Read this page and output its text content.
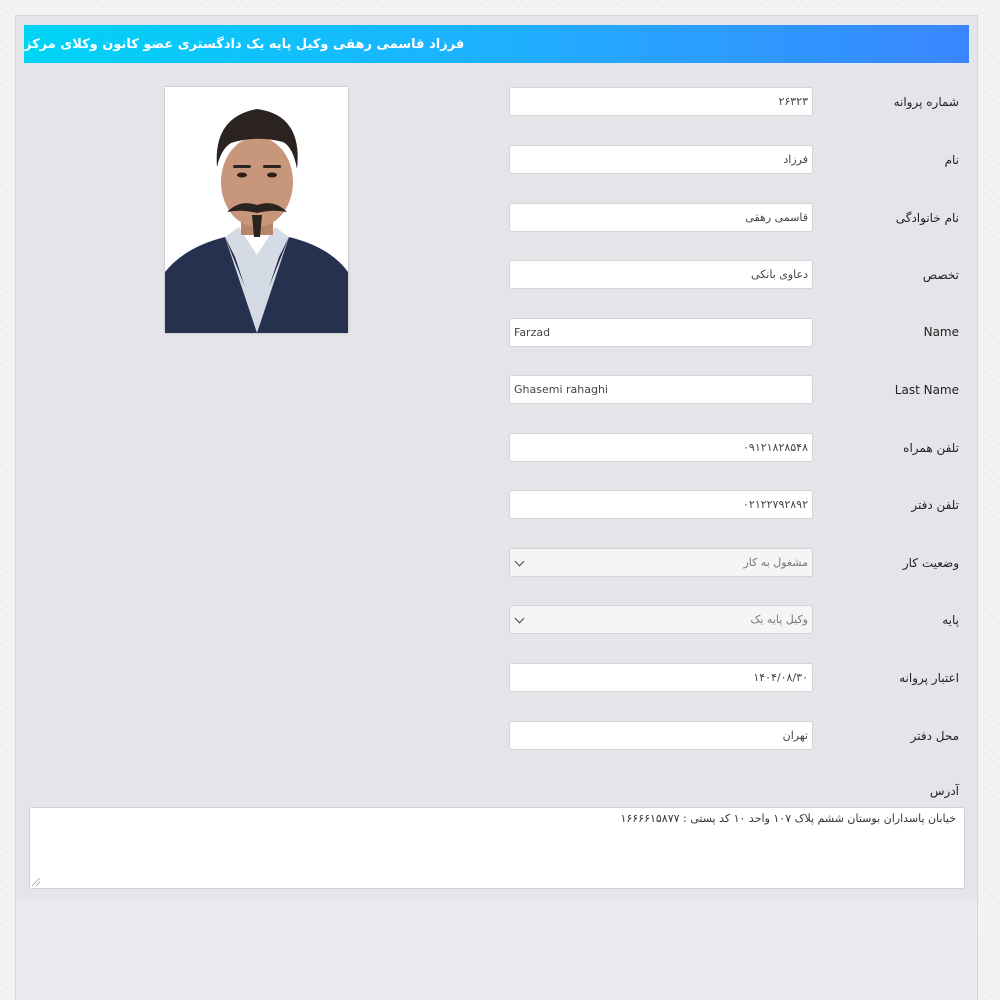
فرزاد قاسمی رهقی وکیل پایه یک دادگستری عضو کانون وکلای مرکز
شماره پروانه
۲۶۳۲۳
نام
فرزاد
نام خانوادگی
قاسمی رهقی
تخصص
دعاوی بانکی
Name
Farzad
Last Name
Ghasemi rahaghi
تلفن همراه
۰۹۱۲۱۸۲۸۵۴۸
تلفن دفتر
۰۲۱۲۲۷۹۲۸۹۲
وضعیت کار
مشغول به کار
پایه
وکیل پایه یک
اعتبار پروانه
۱۴۰۴/۰۸/۳۰
محل دفتر
تهران
آدرس
خیابان پاسداران بوستان ششم پلاک ۱۰۷ واحد ۱۰ کد پستی : ۱۶۶۶۶۱۵۸۷۷
